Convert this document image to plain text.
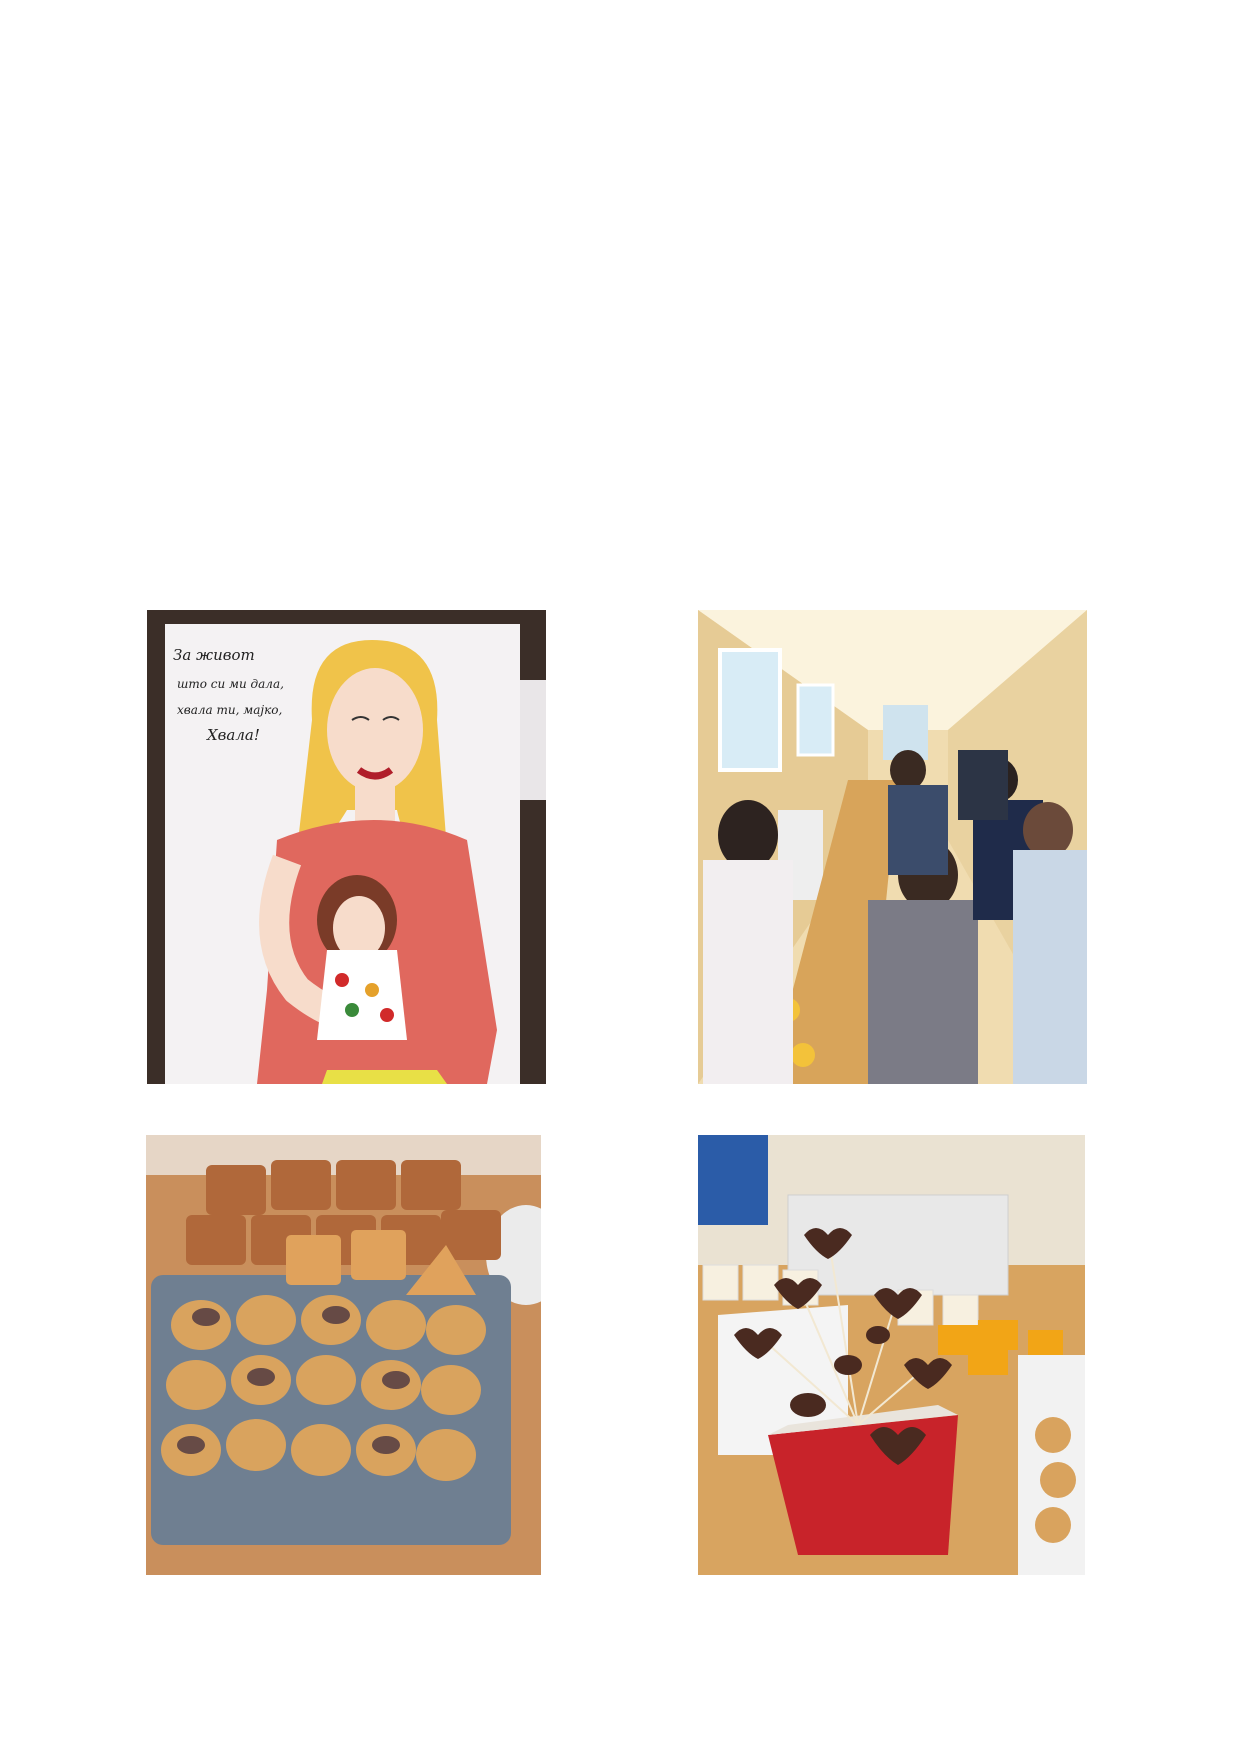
За живот
што си ми дала,
хвала ти, мајко,
Хвала!
